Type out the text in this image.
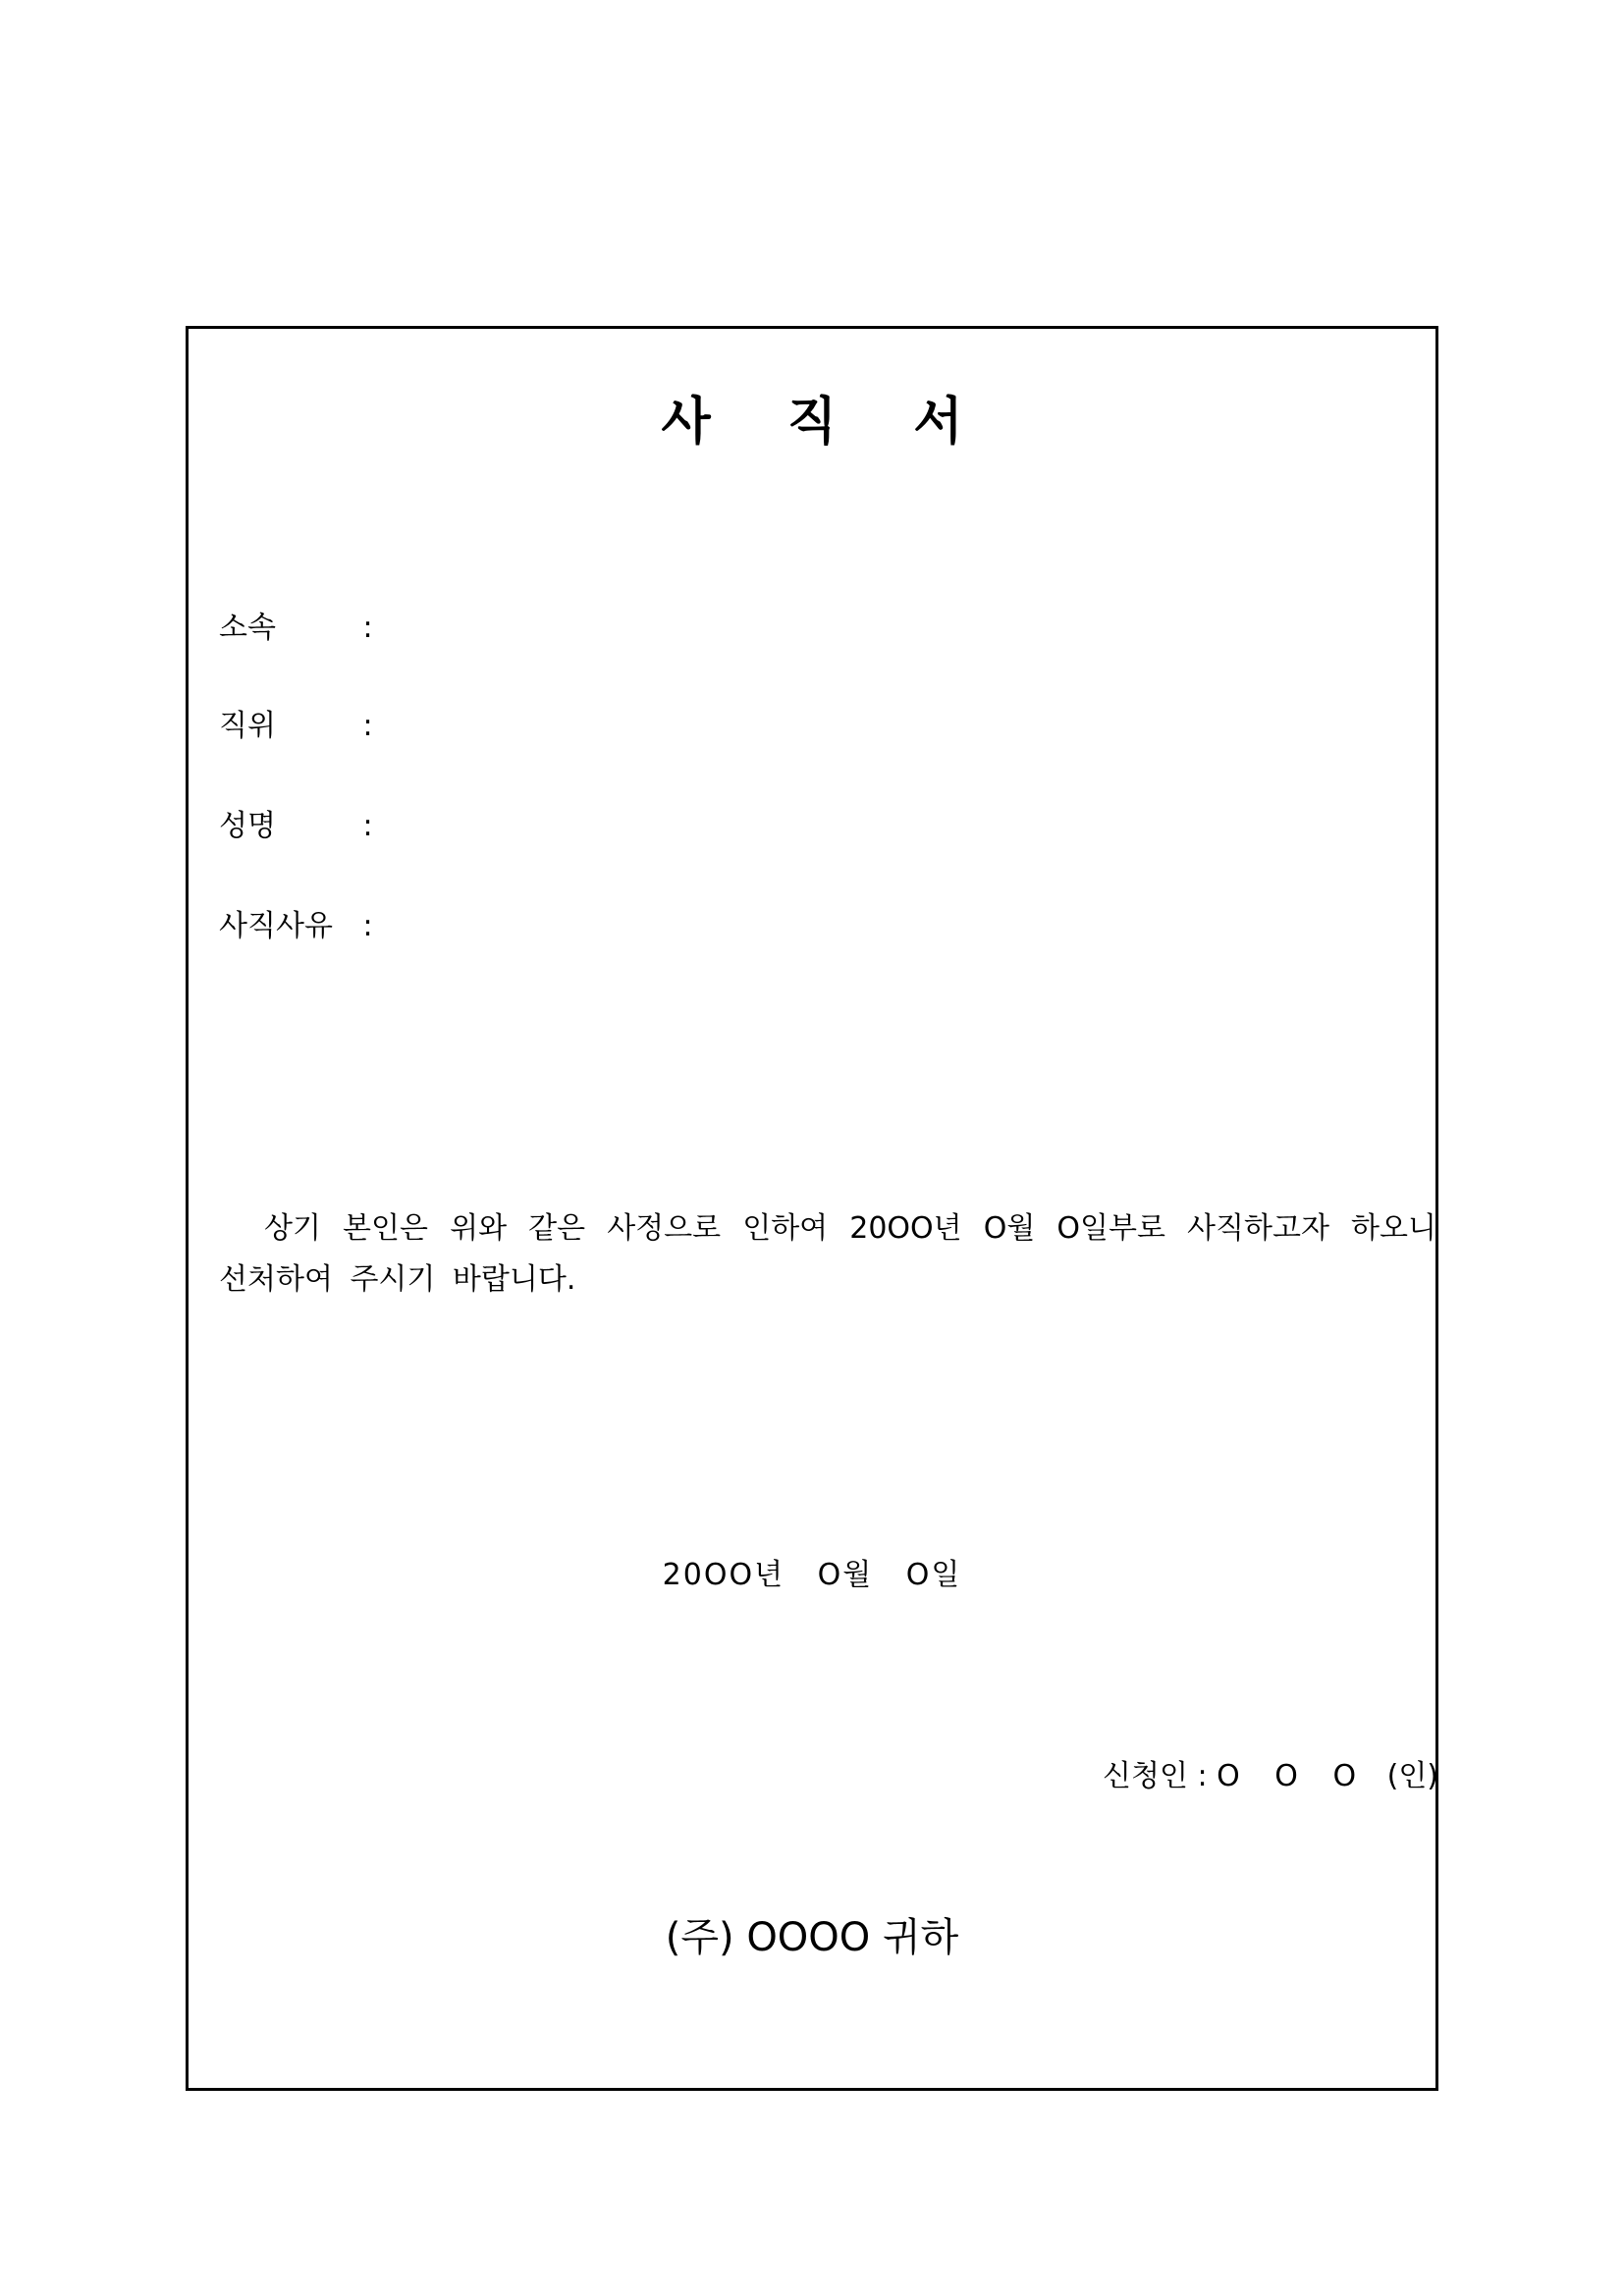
사 직 서
소속	:
직위	:
성명	:
사직사유 :
상기 본인은 위와 같은 사정으로 인하여 20OO년 O월 O일부로 사직하고자 하오니 선처하여 주시기 바랍니다.
20OO년 O월 O일
신청인 : O O O (인)
(주) OOOO 귀하
